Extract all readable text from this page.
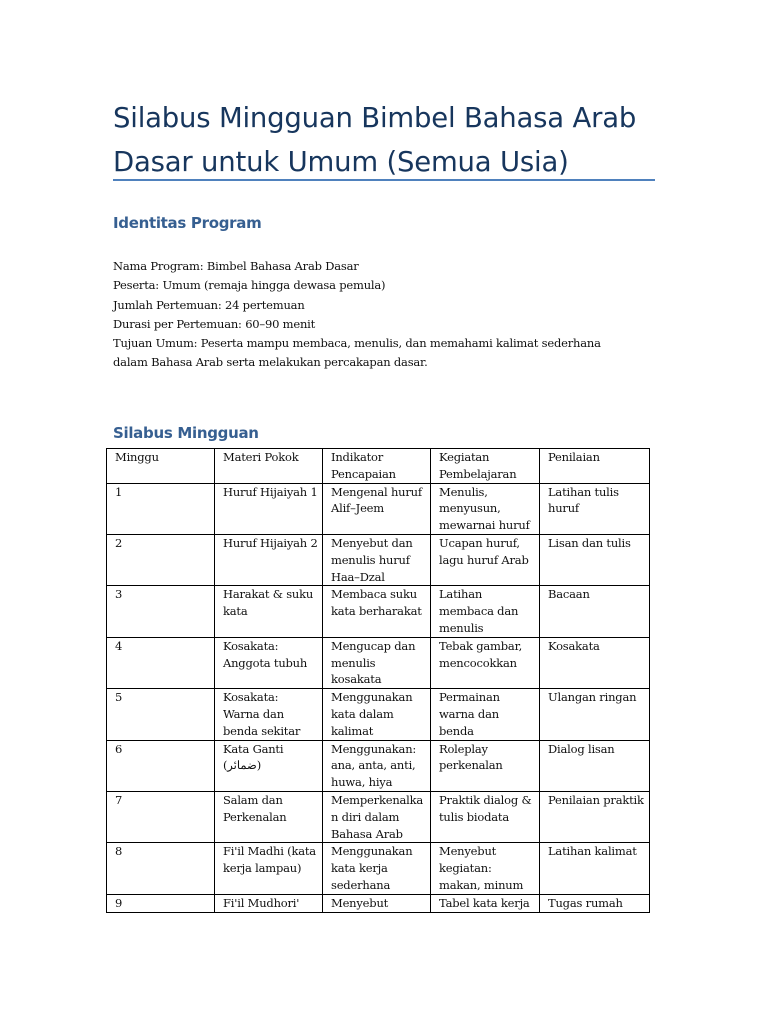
Silabus Mingguan Bimbel Bahasa Arab Dasar untuk Umum (Semua Usia)
Identitas Program
Nama Program: Bimbel Bahasa Arab Dasar
Peserta: Umum (remaja hingga dewasa pemula)
Jumlah Pertemuan: 24 pertemuan
Durasi per Pertemuan: 60–90 menit
Tujuan Umum: Peserta mampu membaca, menulis, dan memahami kalimat sederhana
dalam Bahasa Arab serta melakukan percakapan dasar.
Silabus Mingguan
Minggu	Materi Pokok	Indikator Pencapaian	Kegiatan Pembelajaran	Penilaian
1	Huruf Hijaiyah 1	Mengenal huruf Alif–Jeem	Menulis, menyusun, mewarnai huruf	Latihan tulis huruf
2	Huruf Hijaiyah 2	Menyebut dan menulis huruf Haa–Dzal	Ucapan huruf, lagu huruf Arab	Lisan dan tulis
3	Harakat & suku kata	Membaca suku kata berharakat	Latihan membaca dan menulis	Bacaan
4	Kosakata: Anggota tubuh	Mengucap dan menulis kosakata	Tebak gambar, mencocokkan	Kosakata
5	Kosakata: Warna dan benda sekitar	Menggunakan kata dalam kalimat	Permainan warna dan benda	Ulangan ringan
6	Kata Ganti (ضمائر)	Menggunakan: ana, anta, anti, huwa, hiya	Roleplay perkenalan	Dialog lisan
7	Salam dan Perkenalan	Memperkenalkan diri dalam Bahasa Arab	Praktik dialog & tulis biodata	Penilaian praktik
8	Fi'il Madhi (kata kerja lampau)	Menggunakan kata kerja sederhana	Menyebut kegiatan: makan, minum	Latihan kalimat
9	Fi'il Mudhori'	Menyebut	Tabel kata kerja	Tugas rumah
